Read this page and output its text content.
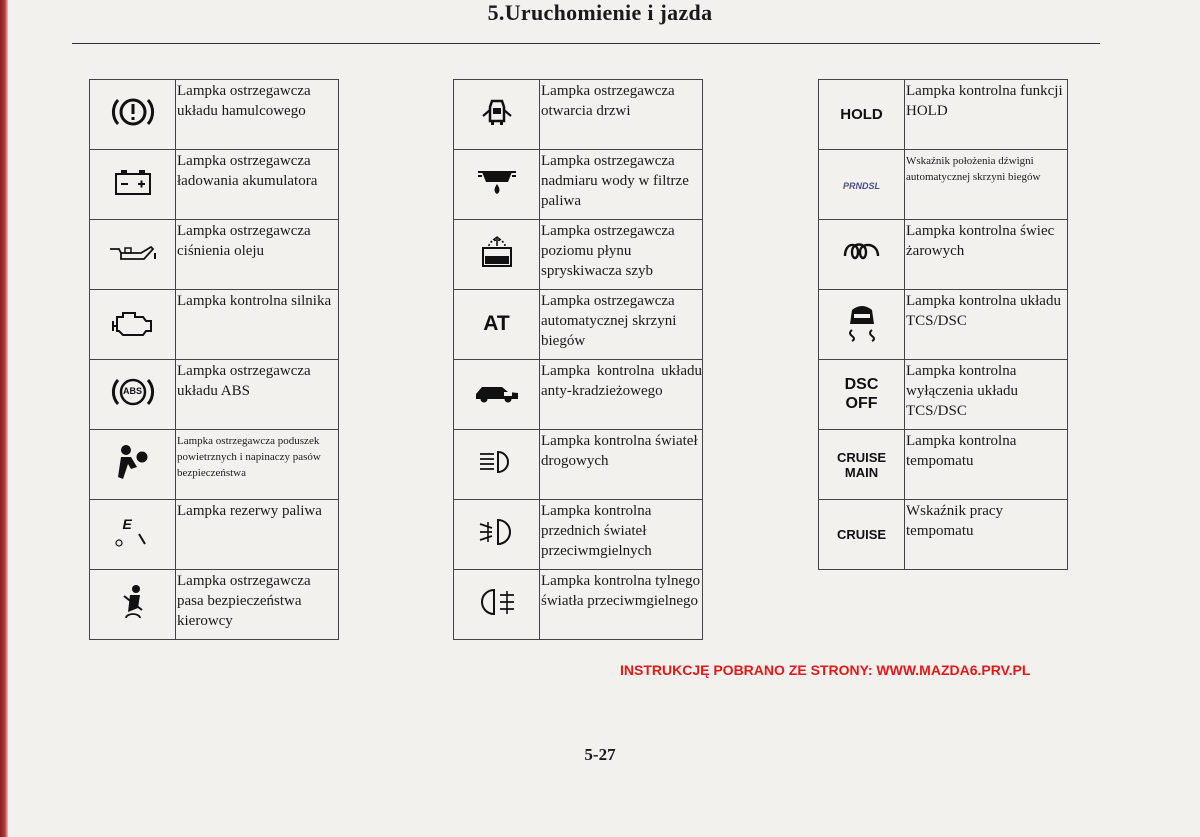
5.Uruchomienie i jazda
	Lampka ostrzegawcza układu hamulcowego

	Lampka ostrzegawcza ładowania akumulatora

	Lampka ostrzegawcza ciśnienia oleju

	Lampka kontrolna silnika

ABS	Lampka ostrzegawcza układu ABS

	Lampka ostrzegawcza poduszek powietrznych i napinaczy pasów bezpieczeństwa

E	Lampka rezerwy paliwa

	Lampka ostrzegawcza pasa bezpieczeństwa kierowcy
	Lampka ostrzegawcza otwarcia drzwi

	Lampka ostrzegawcza nadmiaru wody w filtrze paliwa

	Lampka ostrzegawcza poziomu płynu spryskiwacza szyb
AT	Lampka ostrzegawcza automatycznej skrzyni biegów

	Lampka kontrolna układu anty-kradzieżowego

	Lampka kontrolna świateł drogowych

	Lampka kontrolna przednich świateł przeciwmgielnych

	Lampka kontrolna tylnego światła przeciwmgielnego
HOLD	Lampka kontrolna funkcji HOLD
PRNDSL	Wskaźnik położenia dźwigni automatycznej skrzyni biegów

	Lampka kontrolna świec żarowych

	Lampka kontrolna układu TCS/DSC

DSC
OFF	Lampka kontrolna wyłączenia układu TCS/DSC

CRUISE
MAIN	Lampka kontrolna tempomatu
CRUISE	Wskaźnik pracy tempomatu
INSTRUKCJĘ POBRANO ZE STRONY: WWW.MAZDA6.PRV.PL
5-27
